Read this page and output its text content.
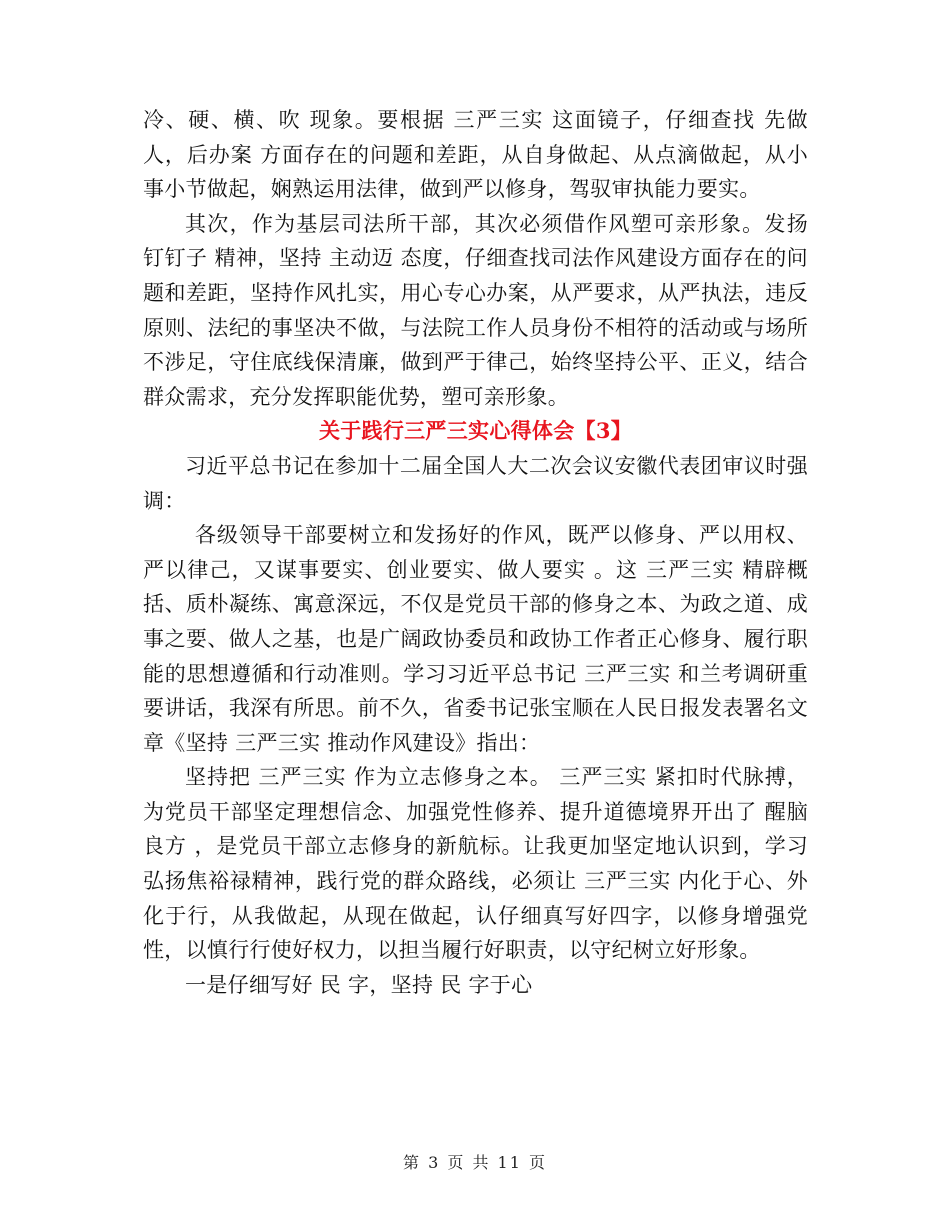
冷、硬、横、吹 现象。要根据 三严三实 这面镜子，仔细查找 先做人，后办案 方面存在的问题和差距，从自身做起、从点滴做起，从小事小节做起，娴熟运用法律，做到严以修身，驾驭审执能力要实。

其次，作为基层司法所干部，其次必须借作风塑可亲形象。发扬 钉钉子 精神，坚持 主动迈 态度，仔细查找司法作风建设方面存在的问题和差距，坚持作风扎实，用心专心办案，从严要求，从严执法，违反原则、法纪的事坚决不做，与法院工作人员身份不相符的活动或与场所不涉足，守住底线保清廉，做到严于律己，始终坚持公平、正义，结合群众需求，充分发挥职能优势，塑可亲形象。

关于践行三严三实心得体会【3】

习近平总书记在参加十二届全国人大二次会议安徽代表团审议时强调：

各级领导干部要树立和发扬好的作风，既严以修身、严以用权、严以律己，又谋事要实、创业要实、做人要实 。这 三严三实 精辟概括、质朴凝练、寓意深远，不仅是党员干部的修身之本、为政之道、成事之要、做人之基，也是广阔政协委员和政协工作者正心修身、履行职能的思想遵循和行动准则。学习习近平总书记 三严三实 和兰考调研重要讲话，我深有所思。前不久，省委书记张宝顺在人民日报发表署名文章《坚持 三严三实 推动作风建设》指出：

坚持把 三严三实 作为立志修身之本。 三严三实 紧扣时代脉搏，为党员干部坚定理想信念、加强党性修养、提升道德境界开出了 醒脑良方 ，是党员干部立志修身的新航标。让我更加坚定地认识到，学习弘扬焦裕禄精神，践行党的群众路线，必须让 三严三实 内化于心、外化于行，从我做起，从现在做起，认仔细真写好四字，以修身增强党性，以慎行行使好权力，以担当履行好职责，以守纪树立好形象。

一是仔细写好 民 字，坚持 民 字于心

第 3 页 共 11 页
